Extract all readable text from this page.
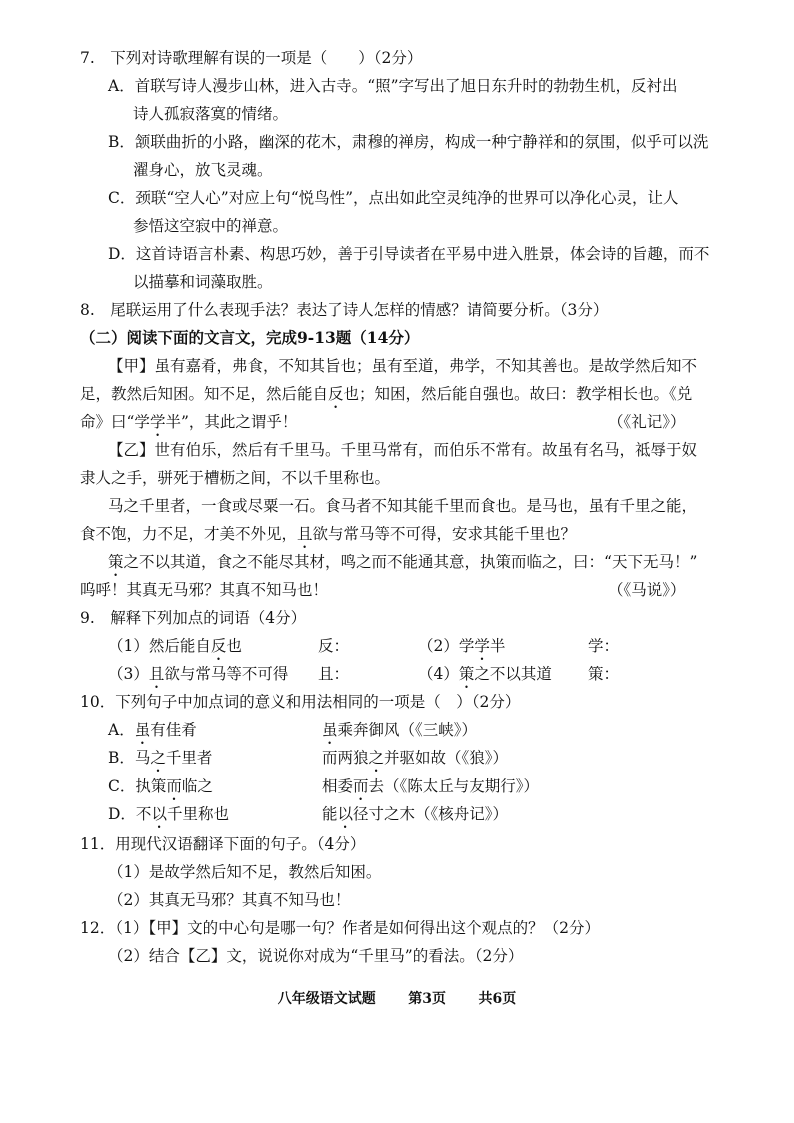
7.　下列对诗歌理解有误的一项是（　　）（2分）
A．首联写诗人漫步山林，进入古寺。“照”字写出了旭日东升时的勃勃生机，反衬出
诗人孤寂落寞的情绪。
B．颔联曲折的小路，幽深的花木，肃穆的禅房，构成一种宁静祥和的氛围，似乎可以洗
濯身心，放飞灵魂。
C．颈联“空人心”对应上句“悦鸟性”，点出如此空灵纯净的世界可以净化心灵，让人
参悟这空寂中的禅意。
D．这首诗语言朴素、构思巧妙，善于引导读者在平易中进入胜景，体会诗的旨趣，而不
以描摹和词藻取胜。
8.　尾联运用了什么表现手法？表达了诗人怎样的情感？请简要分析。（3分）
（二）阅读下面的文言文，完成9-13题（14分）
【甲】虽有嘉肴，弗食，不知其旨也；虽有至道，弗学，不知其善也。是故学然后知不
足，教然后知困。知不足，然后能自反也；知困，然后能自强也。故曰：教学相长也。《兑
命》曰“学学半”，其此之谓乎！	（《礼记》）
【乙】世有伯乐，然后有千里马。千里马常有，而伯乐不常有。故虽有名马，祗辱于奴
隶人之手，骈死于槽枥之间，不以千里称也。
马之千里者，一食或尽粟一石。食马者不知其能千里而食也。是马也，虽有千里之能，
食不饱，力不足，才美不外见，且欲与常马等不可得，安求其能千里也？
策之不以其道，食之不能尽其材，鸣之而不能通其意，执策而临之，曰：“天下无马！”
呜呼！其真无马邪？其真不知马也！	（《马说》）
9.　解释下列加点的词语（4分）
（1）然后能自反也	反：	（2）学学半	学：
（3）且欲与常马等不可得 且：	（4）策之不以其道 策：
10．下列句子中加点词的意义和用法相同的一项是（　）（2分）
A．虽有佳肴	虽乘奔御风（《三峡》）
B．马之千里者	而两狼之并驱如故（《狼》）
C．执策而临之	相委而去（《陈太丘与友期行》）
D．不以千里称也	能以径寸之木（《核舟记》）
11．用现代汉语翻译下面的句子。（4分）
（1）是故学然后知不足，教然后知困。
（2）其真无马邪？其真不知马也！
12．（1）【甲】文的中心句是哪一句？作者是如何得出这个观点的？（2分）
（2）结合【乙】文，说说你对成为“千里马”的看法。（2分）
八年级语文试题 第3页 共6页
